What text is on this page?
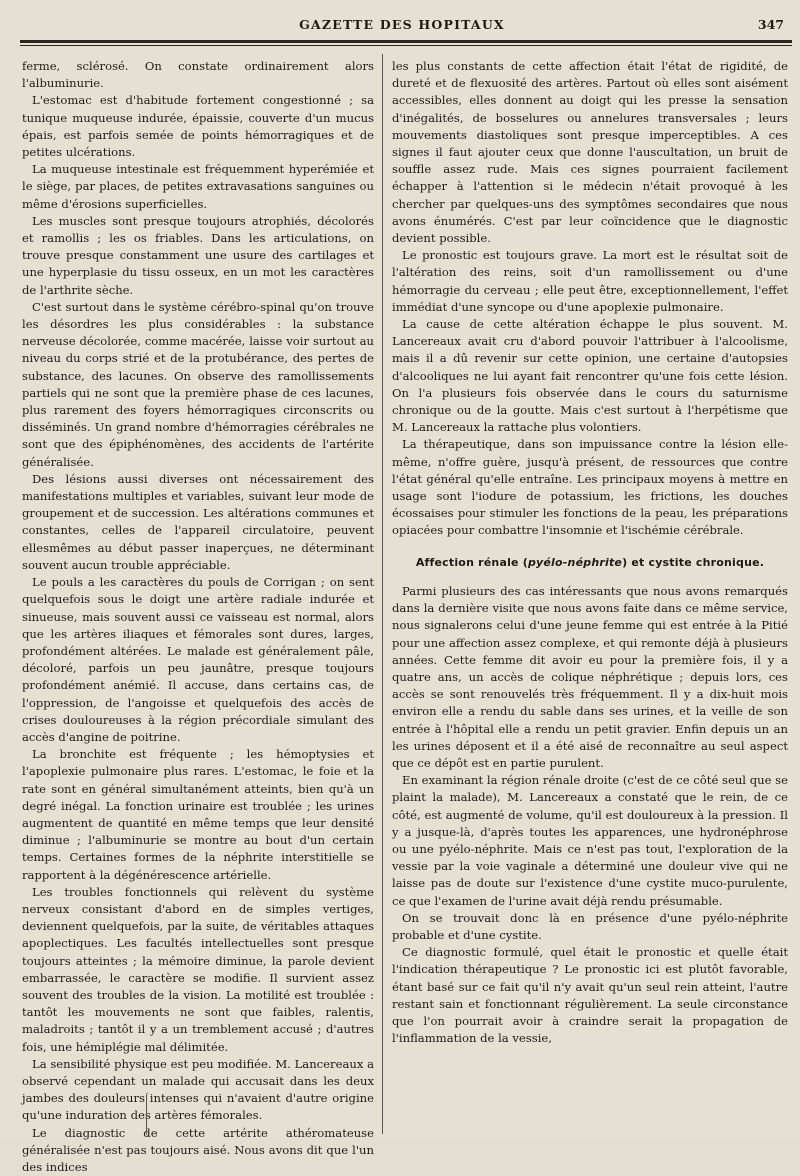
GAZETTE DES HOPITAUX	347

ferme, sclérosé. On constate ordinairement alors l'albuminurie.

L'estomac est d'habitude fortement congestionné ; sa tunique muqueuse indurée, épaissie, couverte d'un mucus épais, est parfois semée de points hémorragiques et de petites ulcérations.

La muqueuse intestinale est fréquemment hyperémiée et le siège, par places, de petites extravasations sanguines ou même d'érosions superficielles.

Les muscles sont presque toujours atrophiés, décolorés et ramollis ; les os friables. Dans les articulations, on trouve presque constamment une usure des cartilages et une hyperplasie du tissu osseux, en un mot les caractères de l'arthrite sèche.

C'est surtout dans le système cérébro-spinal qu'on trouve les désordres les plus considérables : la substance nerveuse décolorée, comme macérée, laisse voir surtout au niveau du corps strié et de la protubérance, des pertes de substance, des lacunes. On observe des ramollissements partiels qui ne sont que la première phase de ces lacunes, plus rarement des foyers hémorragiques circonscrits ou disséminés. Un grand nombre d'hémorragies cérébrales ne sont que des épiphénomènes, des accidents de l'artérite généralisée.

Des lésions aussi diverses ont nécessairement des manifestations multiples et variables, suivant leur mode de groupement et de succession. Les altérations communes et constantes, celles de l'appareil circulatoire, peuvent ellesmêmes au début passer inaperçues, ne déterminant souvent aucun trouble appréciable.

Le pouls a les caractères du pouls de Corrigan ; on sent quelquefois sous le doigt une artère radiale indurée et sinueuse, mais souvent aussi ce vaisseau est normal, alors que les artères iliaques et fémorales sont dures, larges, profondément altérées. Le malade est généralement pâle, décoloré, parfois un peu jaunâtre, presque toujours profondément anémié. Il accuse, dans certains cas, de l'oppression, de l'angoisse et quelquefois des accès de crises douloureuses à la région précordiale simulant des accès d'angine de poitrine.

La bronchite est fréquente ; les hémoptysies et l'apoplexie pulmonaire plus rares. L'estomac, le foie et la rate sont en général simultanément atteints, bien qu'à un degré inégal. La fonction urinaire est troublée ; les urines augmentent de quantité en même temps que leur densité diminue ; l'albuminurie se montre au bout d'un certain temps. Certaines formes de la néphrite interstitielle se rapportent à la dégénérescence artérielle.

Les troubles fonctionnels qui relèvent du système nerveux consistant d'abord en de simples vertiges, deviennent quelquefois, par la suite, de véritables attaques apoplectiques. Les facultés intellectuelles sont presque toujours atteintes ; la mémoire diminue, la parole devient embarrassée, le caractère se modifie. Il survient assez souvent des troubles de la vision. La motilité est troublée : tantôt les mouvements ne sont que faibles, ralentis, maladroits ; tantôt il y a un tremblement accusé ; d'autres fois, une hémiplégie mal délimitée.

La sensibilité physique est peu modifiée. M. Lancereaux a observé cependant un malade qui accusait dans les deux jambes des douleurs intenses qui n'avaient d'autre origine qu'une induration des artères fémorales.

Le diagnostic de cette artérite athéromateuse généralisée n'est pas toujours aisé. Nous avons dit que l'un des indices

les plus constants de cette affection était l'état de rigidité, de dureté et de flexuosité des artères. Partout où elles sont aisément accessibles, elles donnent au doigt qui les presse la sensation d'inégalités, de bosselures ou annelures transversales ; leurs mouvements diastoliques sont presque imperceptibles. A ces signes il faut ajouter ceux que donne l'auscultation, un bruit de souffle assez rude. Mais ces signes pourraient facilement échapper à l'attention si le médecin n'était provoqué à les chercher par quelques-uns des symptômes secondaires que nous avons énumérés. C'est par leur coïncidence que le diagnostic devient possible.

Le pronostic est toujours grave. La mort est le résultat soit de l'altération des reins, soit d'un ramollissement ou d'une hémorragie du cerveau ; elle peut être, exceptionnellement, l'effet immédiat d'une syncope ou d'une apoplexie pulmonaire.

La cause de cette altération échappe le plus souvent. M. Lancereaux avait cru d'abord pouvoir l'attribuer à l'alcoolisme, mais il a dû revenir sur cette opinion, une certaine d'autopsies d'alcooliques ne lui ayant fait rencontrer qu'une fois cette lésion. On l'a plusieurs fois observée dans le cours du saturnisme chronique ou de la goutte. Mais c'est surtout à l'herpétisme que M. Lancereaux la rattache plus volontiers.

La thérapeutique, dans son impuissance contre la lésion elle-même, n'offre guère, jusqu'à présent, de ressources que contre l'état général qu'elle entraîne. Les principaux moyens à mettre en usage sont l'iodure de potassium, les frictions, les douches écossaises pour stimuler les fonctions de la peau, les préparations opiacées pour combattre l'insomnie et l'ischémie cérébrale.

Affection rénale (pyélo-néphrite) et cystite chronique.

Parmi plusieurs des cas intéressants que nous avons remarqués dans la dernière visite que nous avons faite dans ce même service, nous signalerons celui d'une jeune femme qui est entrée à la Pitié pour une affection assez complexe, et qui remonte déjà à plusieurs années. Cette femme dit avoir eu pour la première fois, il y a quatre ans, un accès de colique néphrétique ; depuis lors, ces accès se sont renouvelés très fréquemment. Il y a dix-huit mois environ elle a rendu du sable dans ses urines, et la veille de son entrée à l'hôpital elle a rendu un petit gravier. Enfin depuis un an les urines déposent et il a été aisé de reconnaître au seul aspect que ce dépôt est en partie purulent.

En examinant la région rénale droite (c'est de ce côté seul que se plaint la malade), M. Lancereaux a constaté que le rein, de ce côté, est augmenté de volume, qu'il est douloureux à la pression. Il y a jusque-là, d'après toutes les apparences, une hydronéphrose ou une pyélo-néphrite. Mais ce n'est pas tout, l'exploration de la vessie par la voie vaginale a déterminé une douleur vive qui ne laisse pas de doute sur l'existence d'une cystite muco-purulente, ce que l'examen de l'urine avait déjà rendu présumable.

On se trouvait donc là en présence d'une pyélo-néphrite probable et d'une cystite.

Ce diagnostic formulé, quel était le pronostic et quelle était l'indication thérapeutique ? Le pronostic ici est plutôt favorable, étant basé sur ce fait qu'il n'y avait qu'un seul rein atteint, l'autre restant sain et fonctionnant régulièrement. La seule circonstance que l'on pourrait avoir à craindre serait la propagation de l'inflammation de la vessie,
